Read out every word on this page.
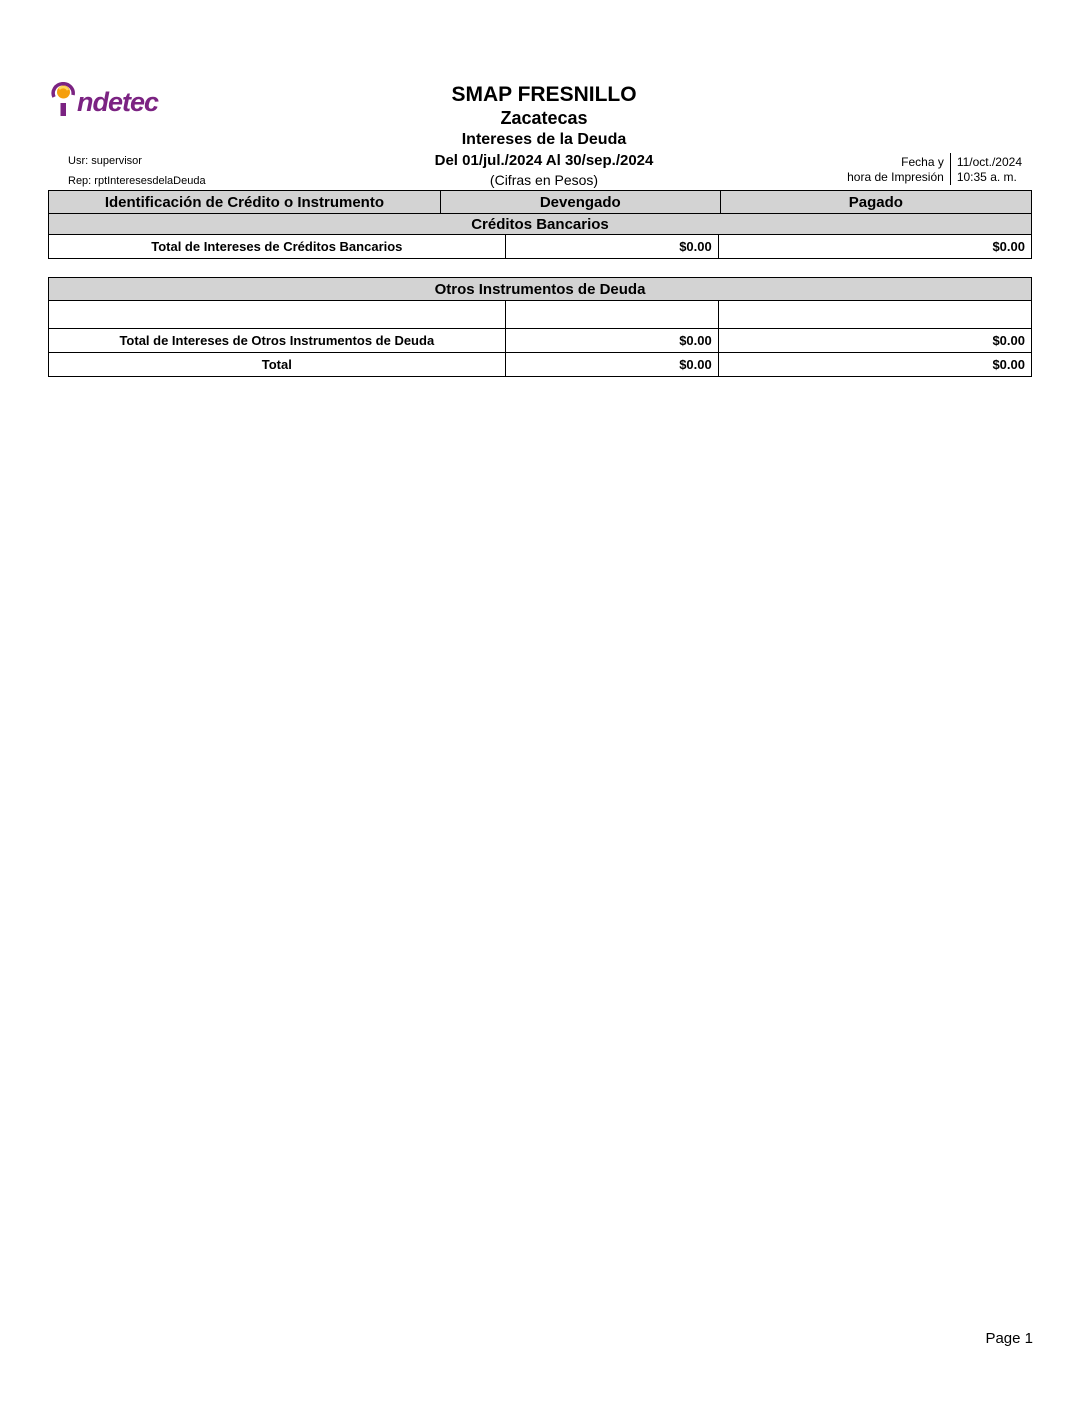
ndetec	SMAP FRESNILLO
Zacatecas
Intereses de la Deuda
Del 01/jul./2024 Al 30/sep./2024
(Cifras en Pesos)
Usr: supervisor
Rep: rptInteresesdelaDeuda
Fecha y
hora de Impresión
11/oct./2024
10:35 a. m.
Identificación de Crédito o Instrumento	Devengado	Pagado
Créditos Bancarios
Total de Intereses de Créditos Bancarios	$0.00	$0.00
Otros Instrumentos de Deuda
Total de Intereses de Otros Instrumentos de Deuda	$0.00	$0.00
Total	$0.00	$0.00
Page 1
